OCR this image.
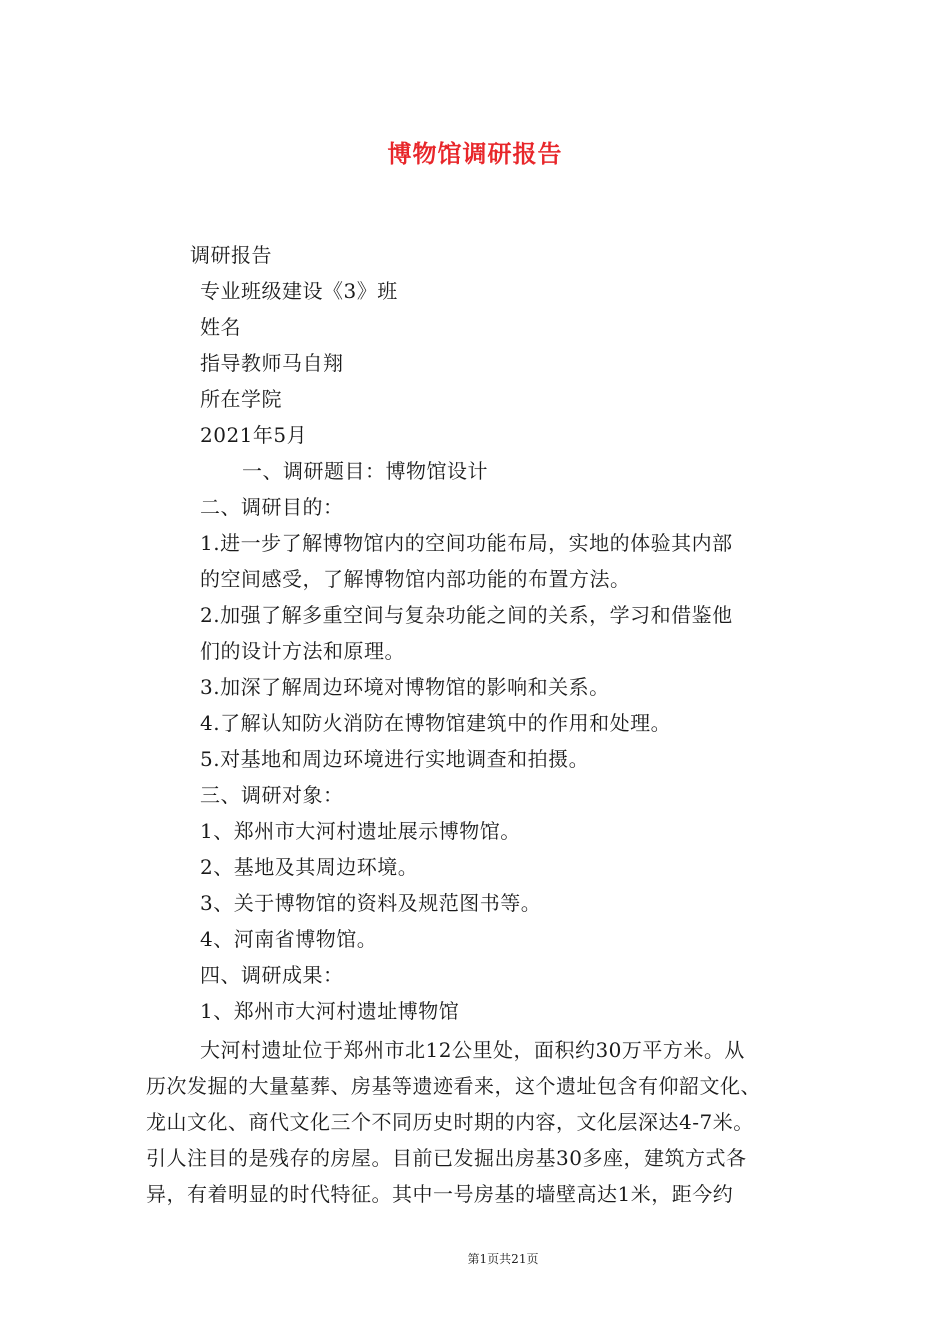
博物馆调研报告
调研报告
专业班级建设《3》班
姓名
指导教师马自翔
所在学院
2021年5月
一、调研题目：博物馆设计
二、调研目的：
1.进一步了解博物馆内的空间功能布局，实地的体验其内部
的空间感受，了解博物馆内部功能的布置方法。
2.加强了解多重空间与复杂功能之间的关系，学习和借鉴他
们的设计方法和原理。
3.加深了解周边环境对博物馆的影响和关系。
4.了解认知防火消防在博物馆建筑中的作用和处理。
5.对基地和周边环境进行实地调查和拍摄。
三、调研对象：
1、郑州市大河村遗址展示博物馆。
2、基地及其周边环境。
3、关于博物馆的资料及规范图书等。
4、河南省博物馆。
四、调研成果：
1、郑州市大河村遗址博物馆
大河村遗址位于郑州市北12公里处，面积约30万平方米。从
历次发掘的大量墓葬、房基等遗迹看来，这个遗址包含有仰韶文化、
龙山文化、商代文化三个不同历史时期的内容，文化层深达4-7米。
引人注目的是残存的房屋。目前已发掘出房基30多座，建筑方式各
异，有着明显的时代特征。其中一号房基的墙壁高达1米，距今约
第1页共21页
